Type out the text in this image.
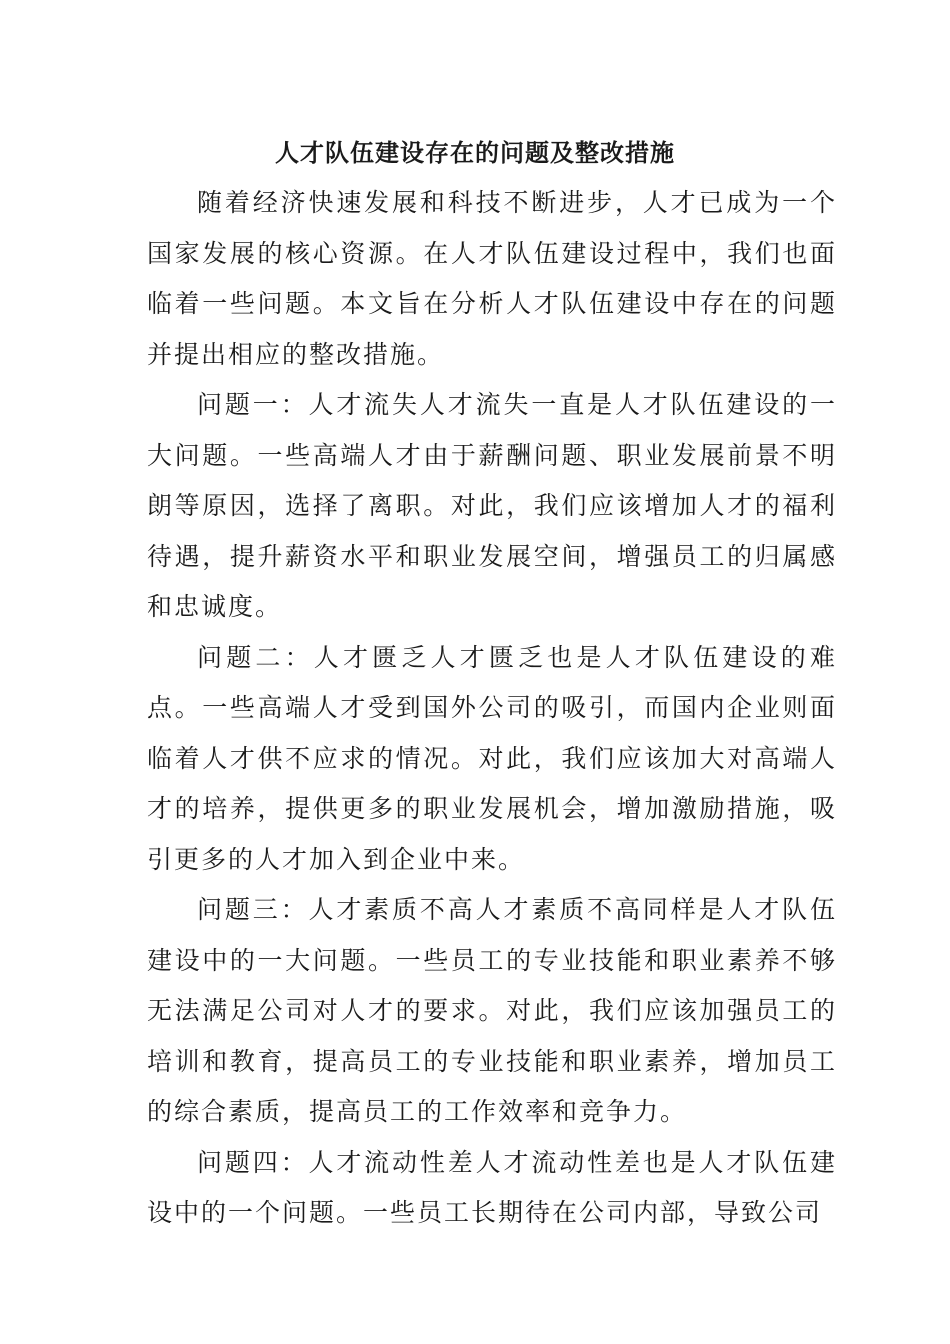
人才队伍建设存在的问题及整改措施

随着经济快速发展和科技不断进步，人才已成为一个国家发展的核心资源。在人才队伍建设过程中，我们也面临着一些问题。本文旨在分析人才队伍建设中存在的问题并提出相应的整改措施。

问题一：人才流失人才流失一直是人才队伍建设的一大问题。一些高端人才由于薪酬问题、职业发展前景不明朗等原因，选择了离职。对此，我们应该增加人才的福利待遇，提升薪资水平和职业发展空间，增强员工的归属感和忠诚度。

问题二：人才匮乏人才匮乏也是人才队伍建设的难点。一些高端人才受到国外公司的吸引，而国内企业则面临着人才供不应求的情况。对此，我们应该加大对高端人才的培养，提供更多的职业发展机会，增加激励措施，吸引更多的人才加入到企业中来。

问题三：人才素质不高人才素质不高同样是人才队伍建设中的一大问题。一些员工的专业技能和职业素养不够无法满足公司对人才的要求。对此，我们应该加强员工的培训和教育，提高员工的专业技能和职业素养，增加员工的综合素质，提高员工的工作效率和竞争力。

问题四：人才流动性差人才流动性差也是人才队伍建设中的一个问题。一些员工长期待在公司内部，导致公司
